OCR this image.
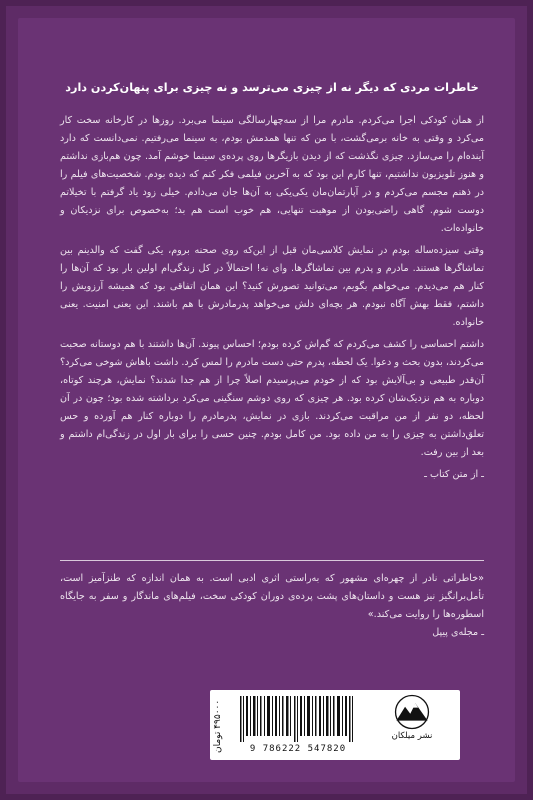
خاطرات مردی که دیگر نه از چیزی می‌ترسد و نه چیزی برای پنهان‌کردن دارد

از همان کودکی اجرا می‌کردم. مادرم مرا از سه‌چهارسالگی سینما می‌برد. روزها در کارخانه سخت کار می‌کرد و وقتی به خانه برمی‌گشت، با من که تنها همدمش بودم، به سینما می‌رفتیم. نمی‌دانست که دارد آینده‌ام را می‌سازد. چیزی نگذشت که از دیدن بازیگرها روی پرده‌ی سینما خوشم آمد. چون هم‌بازی نداشتم و هنوز تلویزیون نداشتیم، تنها کارم این بود که به آخرین فیلمی فکر کنم که دیده بودم. شخصیت‌های فیلم را در ذهنم مجسم می‌کردم و در آپارتمان‌مان یکی‌یکی به آن‌ها جان می‌دادم. خیلی زود یاد گرفتم با تخیلاتم دوست شوم. گاهی راضی‌بودن از موهبت تنهایی، هم خوب است هم بد؛ به‌خصوص برای نزدیکان و خانواده‌ات.

وقتی سیزده‌ساله بودم در نمایش کلاسی‌مان قبل از این‌که روی صحنه بروم، یکی گفت که والدینم بین تماشاگرها هستند. مادرم و پدرم بین تماشاگرها. وای نه! احتمالاً در کل زندگی‌ام اولین بار بود که آن‌ها را کنار هم می‌دیدم. می‌خواهم بگویم، می‌توانید تصورش کنید؟ این همان اتفاقی بود که همیشه آرزویش را داشتم، فقط بهش آگاه نبودم. هر بچه‌ای دلش می‌خواهد پدرمادرش با هم باشند. این یعنی امنیت. یعنی خانواده.

داشتم احساسی را کشف می‌کردم که گم‌اش کرده بودم؛ احساس پیوند. آن‌ها داشتند با هم دوستانه صحبت می‌کردند، بدون بحث و دعوا. یک لحظه، پدرم حتی دست مادرم را لمس کرد. داشت باهاش شوخی می‌کرد؟ آن‌قدر طبیعی و بی‌آلایش بود که از خودم می‌پرسیدم اصلاً چرا از هم جدا شدند؟ نمایش، هرچند کوتاه، دوباره به هم نزدیک‌شان کرده بود. هر چیزی که روی دوشم سنگینی می‌کرد برداشته شده بود؛ چون در آن لحظه، دو نفر از من مراقبت می‌کردند. بازی در نمایش، پدرمادرم را دوباره کنار هم آورده و حس تعلق‌داشتن به چیزی را به من داده بود. من کامل بودم. چنین حسی را برای بار اول در زندگی‌ام داشتم و بعد از بین رفت.

ـ از متن کتاب ـ

«خاطراتی نادر از چهره‌ای مشهور که به‌راستی اثری ادبی است. به همان اندازه که طنزآمیز است، تأمل‌برانگیز نیز هست و داستان‌های پشت پرده‌ی دوران کودکی سخت، فیلم‌های ماندگار و سفر به جایگاه اسطوره‌ها را روایت می‌کند.»

ـ مجله‌ی پیپل

۴۹۵۰۰۰ تومان
9 786222 547820
نشر میلکان
